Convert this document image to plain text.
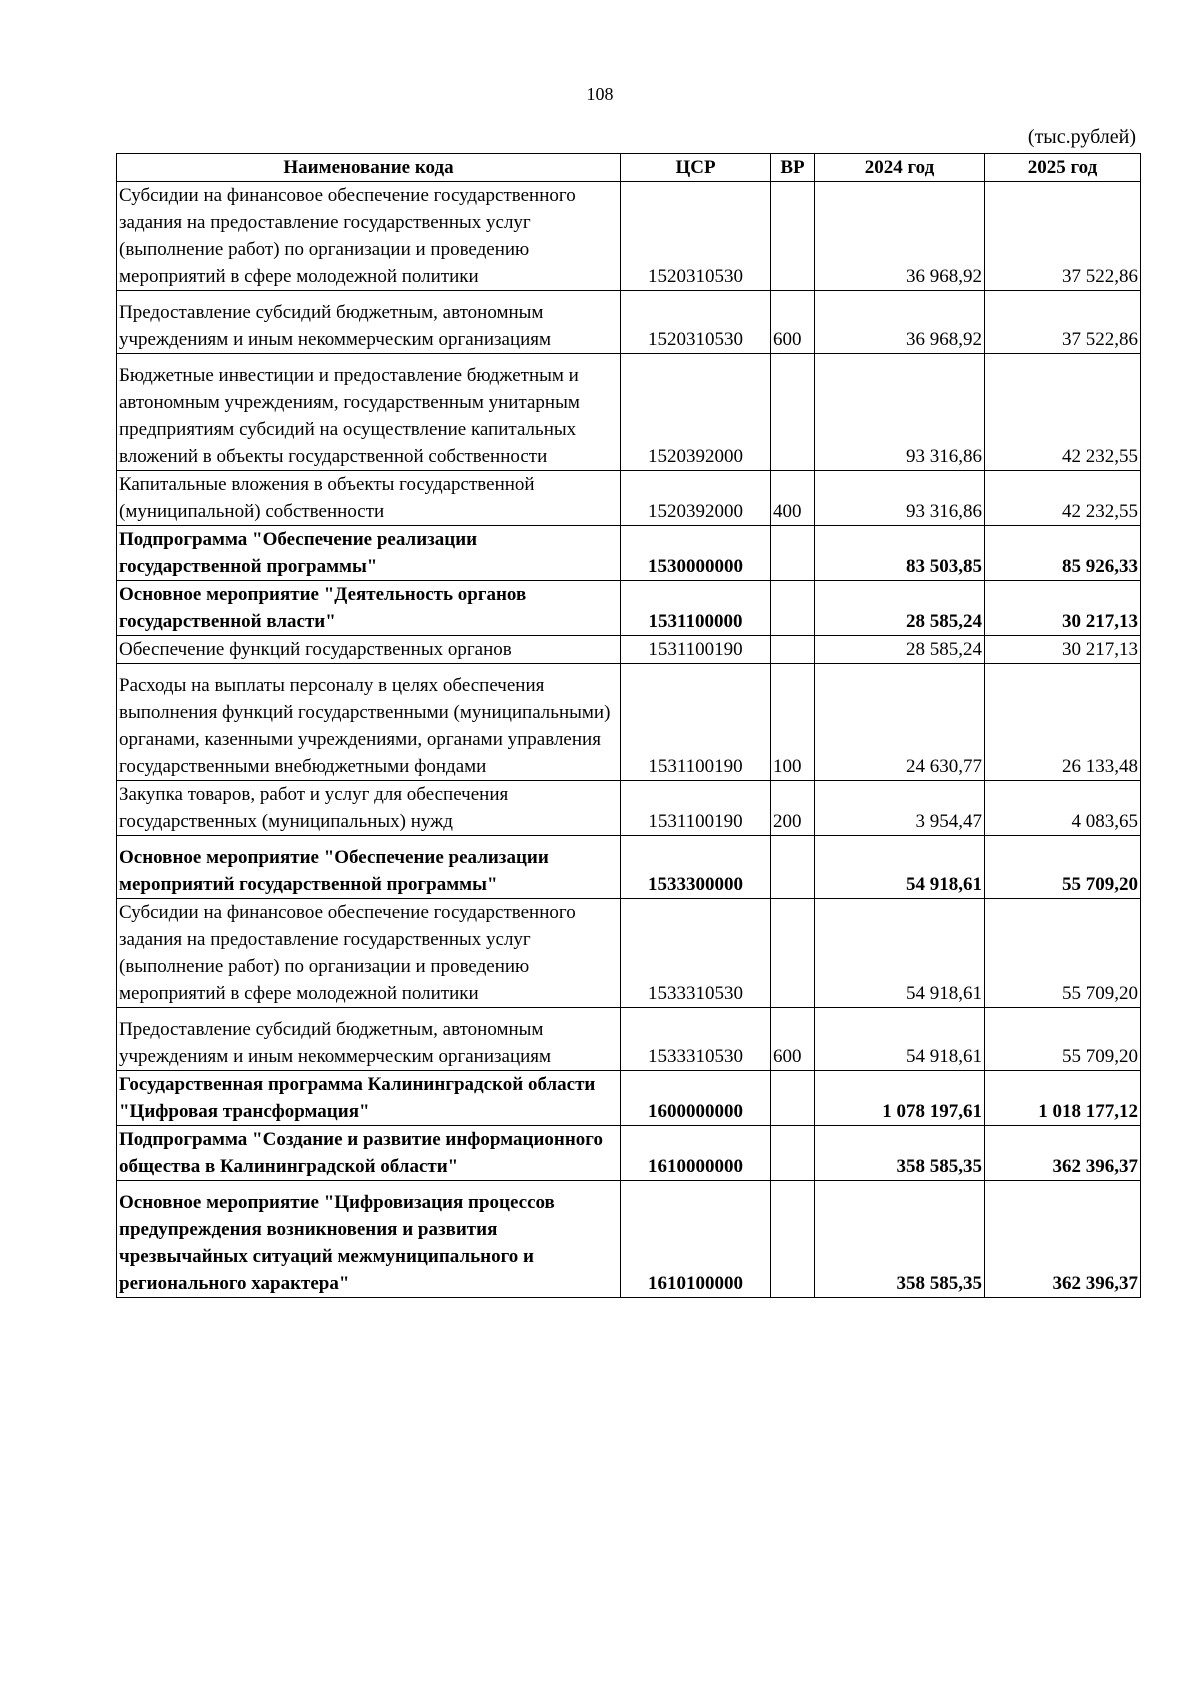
108
(тыс.рублей)
Наименование кода	ЦСР	ВР	2024 год	2025 год
Субсидии на финансовое обеспечение государственного задания на предоставление государственных услуг (выполнение работ) по организации и проведению мероприятий в сфере молодежной политики	1520310530		36 968,92	37 522,86
Предоставление субсидий бюджетным, автономным учреждениям и иным некоммерческим организациям	1520310530	600	36 968,92	37 522,86
Бюджетные инвестиции и предоставление бюджетным и автономным учреждениям, государственным унитарным предприятиям субсидий на осуществление капитальных вложений в объекты государственной собственности	1520392000		93 316,86	42 232,55
Капитальные вложения в объекты государственной (муниципальной) собственности	1520392000	400	93 316,86	42 232,55
Подпрограмма "Обеспечение реализации государственной программы"	1530000000		83 503,85	85 926,33
Основное мероприятие "Деятельность органов государственной власти"	1531100000		28 585,24	30 217,13
Обеспечение функций государственных органов	1531100190		28 585,24	30 217,13
Расходы на выплаты персоналу в целях обеспечения выполнения функций государственными (муниципальными) органами, казенными учреждениями, органами управления государственными внебюджетными фондами	1531100190	100	24 630,77	26 133,48
Закупка товаров, работ и услуг для обеспечения государственных (муниципальных) нужд	1531100190	200	3 954,47	4 083,65
Основное мероприятие "Обеспечение реализации мероприятий государственной программы"	1533300000		54 918,61	55 709,20
Субсидии на финансовое обеспечение государственного задания на предоставление государственных услуг (выполнение работ) по организации и проведению мероприятий в сфере молодежной политики	1533310530		54 918,61	55 709,20
Предоставление субсидий бюджетным, автономным учреждениям и иным некоммерческим организациям	1533310530	600	54 918,61	55 709,20
Государственная программа Калининградской области "Цифровая трансформация"	1600000000		1 078 197,61	1 018 177,12
Подпрограмма "Создание и развитие информационного общества в Калининградской области"	1610000000		358 585,35	362 396,37
Основное мероприятие "Цифровизация процессов предупреждения возникновения и развития чрезвычайных ситуаций межмуниципального и регионального характера"	1610100000		358 585,35	362 396,37
